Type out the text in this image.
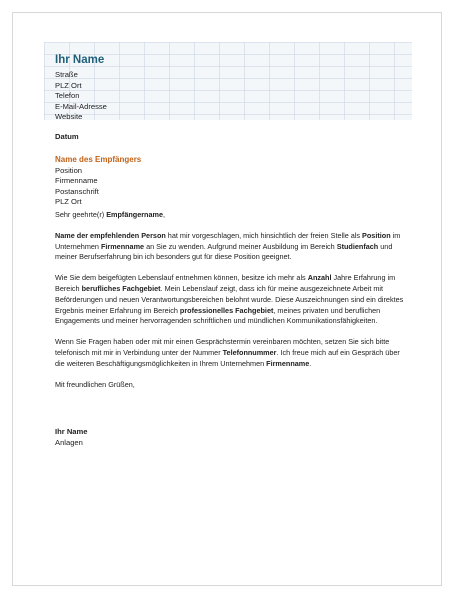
Ihr Name
Straße
PLZ Ort
Telefon
E-Mail-Adresse
Website
Datum
Name des Empfängers
Position
Firmenname
Postanschrift
PLZ Ort

Sehr geehrte(r) Empfängername,

Name der empfehlenden Person hat mir vorgeschlagen, mich hinsichtlich der freien Stelle als Position im Unternehmen Firmenname an Sie zu wenden. Aufgrund meiner Ausbildung im Bereich Studienfach und meiner Berufserfahrung bin ich besonders gut für diese Position geeignet.

Wie Sie dem beigefügten Lebenslauf entnehmen können, besitze ich mehr als Anzahl Jahre Erfahrung im Bereich berufliches Fachgebiet. Mein Lebenslauf zeigt, dass ich für meine ausgezeichnete Arbeit mit Beförderungen und neuen Verantwortungsbereichen belohnt wurde. Diese Auszeichnungen sind ein direktes Ergebnis meiner Erfahrung im Bereich professionelles Fachgebiet, meines privaten und beruflichen Engagements und meiner hervorragenden schriftlichen und mündlichen Kommunikationsfähigkeiten.

Wenn Sie Fragen haben oder mit mir einen Gesprächstermin vereinbaren möchten, setzen Sie sich bitte telefonisch mit mir in Verbindung unter der Nummer Telefonnummer. Ich freue mich auf ein Gespräch über die weiteren Beschäftigungsmöglichkeiten in Ihrem Unternehmen Firmenname.

Mit freundlichen Grüßen,

Ihr Name
Anlagen
